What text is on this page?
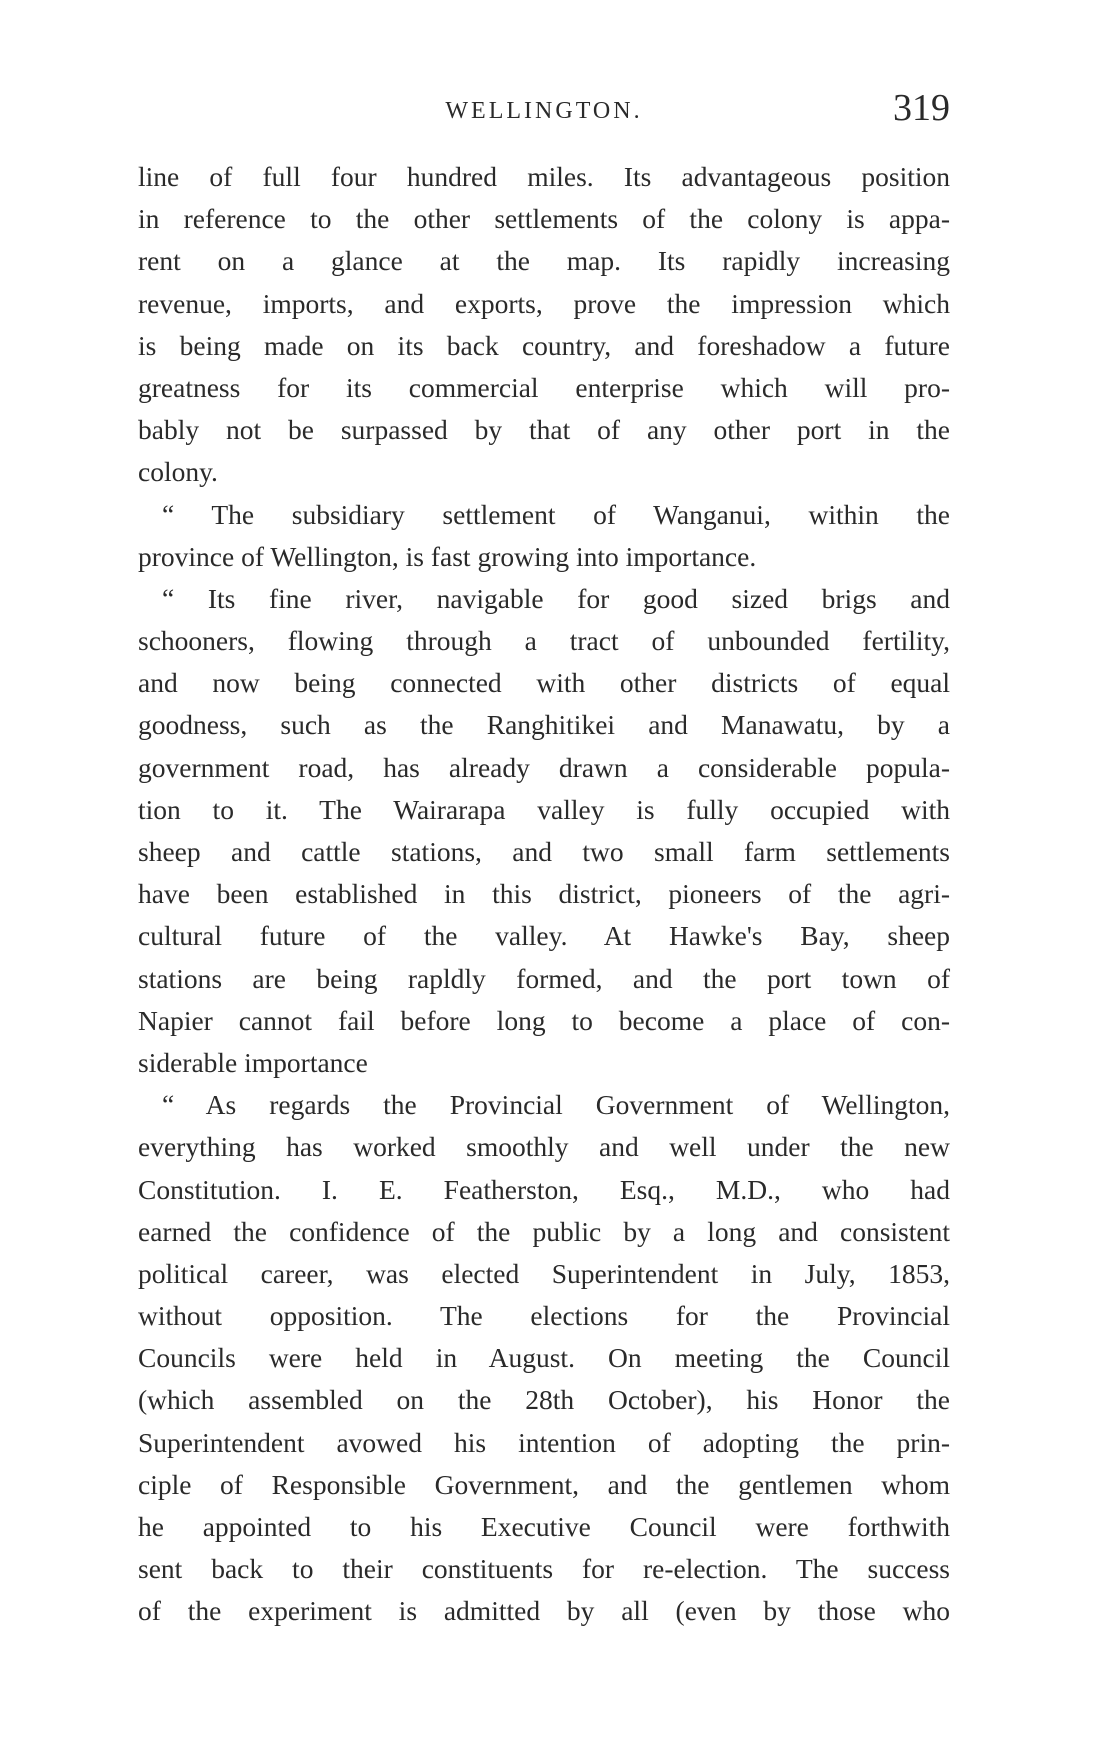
WELLINGTON.	319
line of full four hundred miles. Its advantageous position
in reference to the other settlements of the colony is appa-
rent on a glance at the map. Its rapidly increasing
revenue, imports, and exports, prove the impression which
is being made on its back country, and foreshadow a future
greatness for its commercial enterprise which will pro-
bably not be surpassed by that of any other port in the
colony.
“ The subsidiary settlement of Wanganui, within the
province of Wellington, is fast growing into importance.
“ Its fine river, navigable for good sized brigs and
schooners, flowing through a tract of unbounded fertility,
and now being connected with other districts of equal
goodness, such as the Ranghitikei and Manawatu, by a
government road, has already drawn a considerable popula-
tion to it. The Wairarapa valley is fully occupied with
sheep and cattle stations, and two small farm settlements
have been established in this district, pioneers of the agri-
cultural future of the valley. At Hawke's Bay, sheep
stations are being rapldly formed, and the port town of
Napier cannot fail before long to become a place of con-
siderable importance
“ As regards the Provincial Government of Wellington,
everything has worked smoothly and well under the new
Constitution. I. E. Featherston, Esq., M.D., who had
earned the confidence of the public by a long and consistent
political career, was elected Superintendent in July, 1853,
without opposition. The elections for the Provincial
Councils were held in August. On meeting the Council
(which assembled on the 28th October), his Honor the
Superintendent avowed his intention of adopting the prin-
ciple of Responsible Government, and the gentlemen whom
he appointed to his Executive Council were forthwith
sent back to their constituents for re-election. The success
of the experiment is admitted by all (even by those who
